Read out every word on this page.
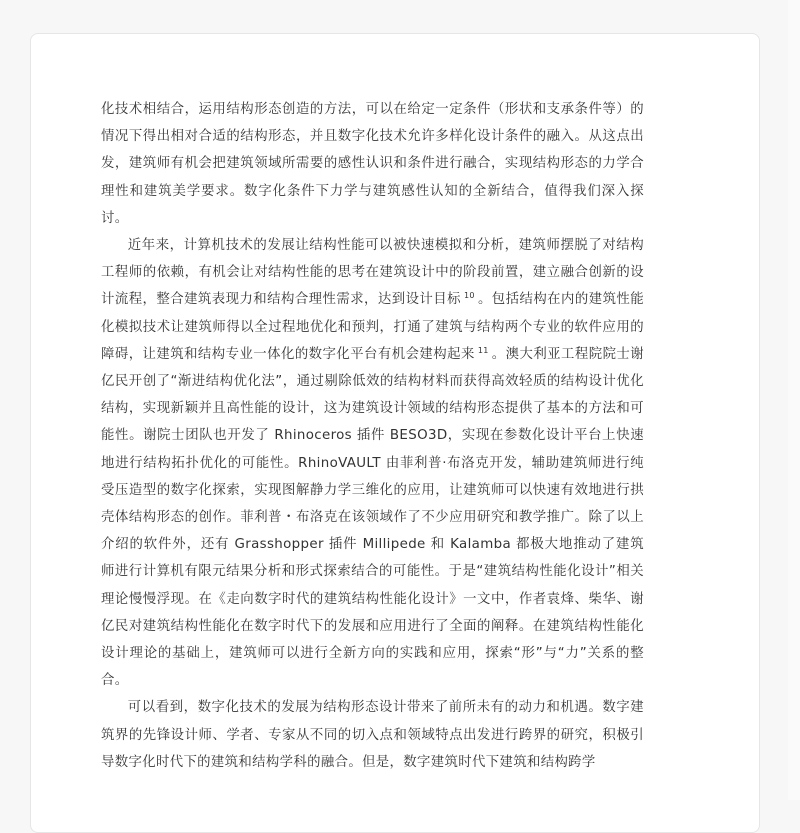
化技术相结合，运用结构形态创造的方法，可以在给定一定条件（形状和支承条件等）的情况下得出相对合适的结构形态，并且数字化技术允许多样化设计条件的融入。从这点出发，建筑师有机会把建筑领域所需要的感性认识和条件进行融合，实现结构形态的力学合理性和建筑美学要求。数字化条件下力学与建筑感性认知的全新结合，值得我们深入探讨。

近年来，计算机技术的发展让结构性能可以被快速模拟和分析，建筑师摆脱了对结构工程师的依赖，有机会让对结构性能的思考在建筑设计中的阶段前置，建立融合创新的设计流程，整合建筑表现力和结构合理性需求，达到设计目标 $^{10}$ 。包括结构在内的建筑性能化模拟技术让建筑师得以全过程地优化和预判，打通了建筑与结构两个专业的软件应用的障碍，让建筑和结构专业一体化的数字化平台有机会建构起来 $^{11}$ 。澳大利亚工程院院士谢亿民开创了“渐进结构优化法”，通过剔除低效的结构材料而获得高效轻质的结构设计优化结构，实现新颖并且高性能的设计，这为建筑设计领域的结构形态提供了基本的方法和可能性。谢院士团队也开发了 Rhinoceros 插件 BESO3D，实现在参数化设计平台上快速地进行结构拓扑优化的可能性。RhinoVAULT 由菲利普·布洛克开发，辅助建筑师进行纯受压造型的数字化探索，实现图解静力学三维化的应用，让建筑师可以快速有效地进行拱壳体结构形态的创作。菲利普・布洛克在该领域作了不少应用研究和教学推广。除了以上介绍的软件外，还有 Grasshopper 插件 Millipede 和 Kalamba 都极大地推动了建筑师进行计算机有限元结果分析和形式探索结合的可能性。于是“建筑结构性能化设计”相关理论慢慢浮现。在《走向数字时代的建筑结构性能化设计》一文中，作者袁烽、柴华、谢亿民对建筑结构性能化在数字时代下的发展和应用进行了全面的阐释。在建筑结构性能化设计理论的基础上，建筑师可以进行全新方向的实践和应用，探索“形”与“力”关系的整合。

可以看到，数字化技术的发展为结构形态设计带来了前所未有的动力和机遇。数字建筑界的先锋设计师、学者、专家从不同的切入点和领域特点出发进行跨界的研究，积极引导数字化时代下的建筑和结构学科的融合。但是，数字建筑时代下建筑和结构跨学
